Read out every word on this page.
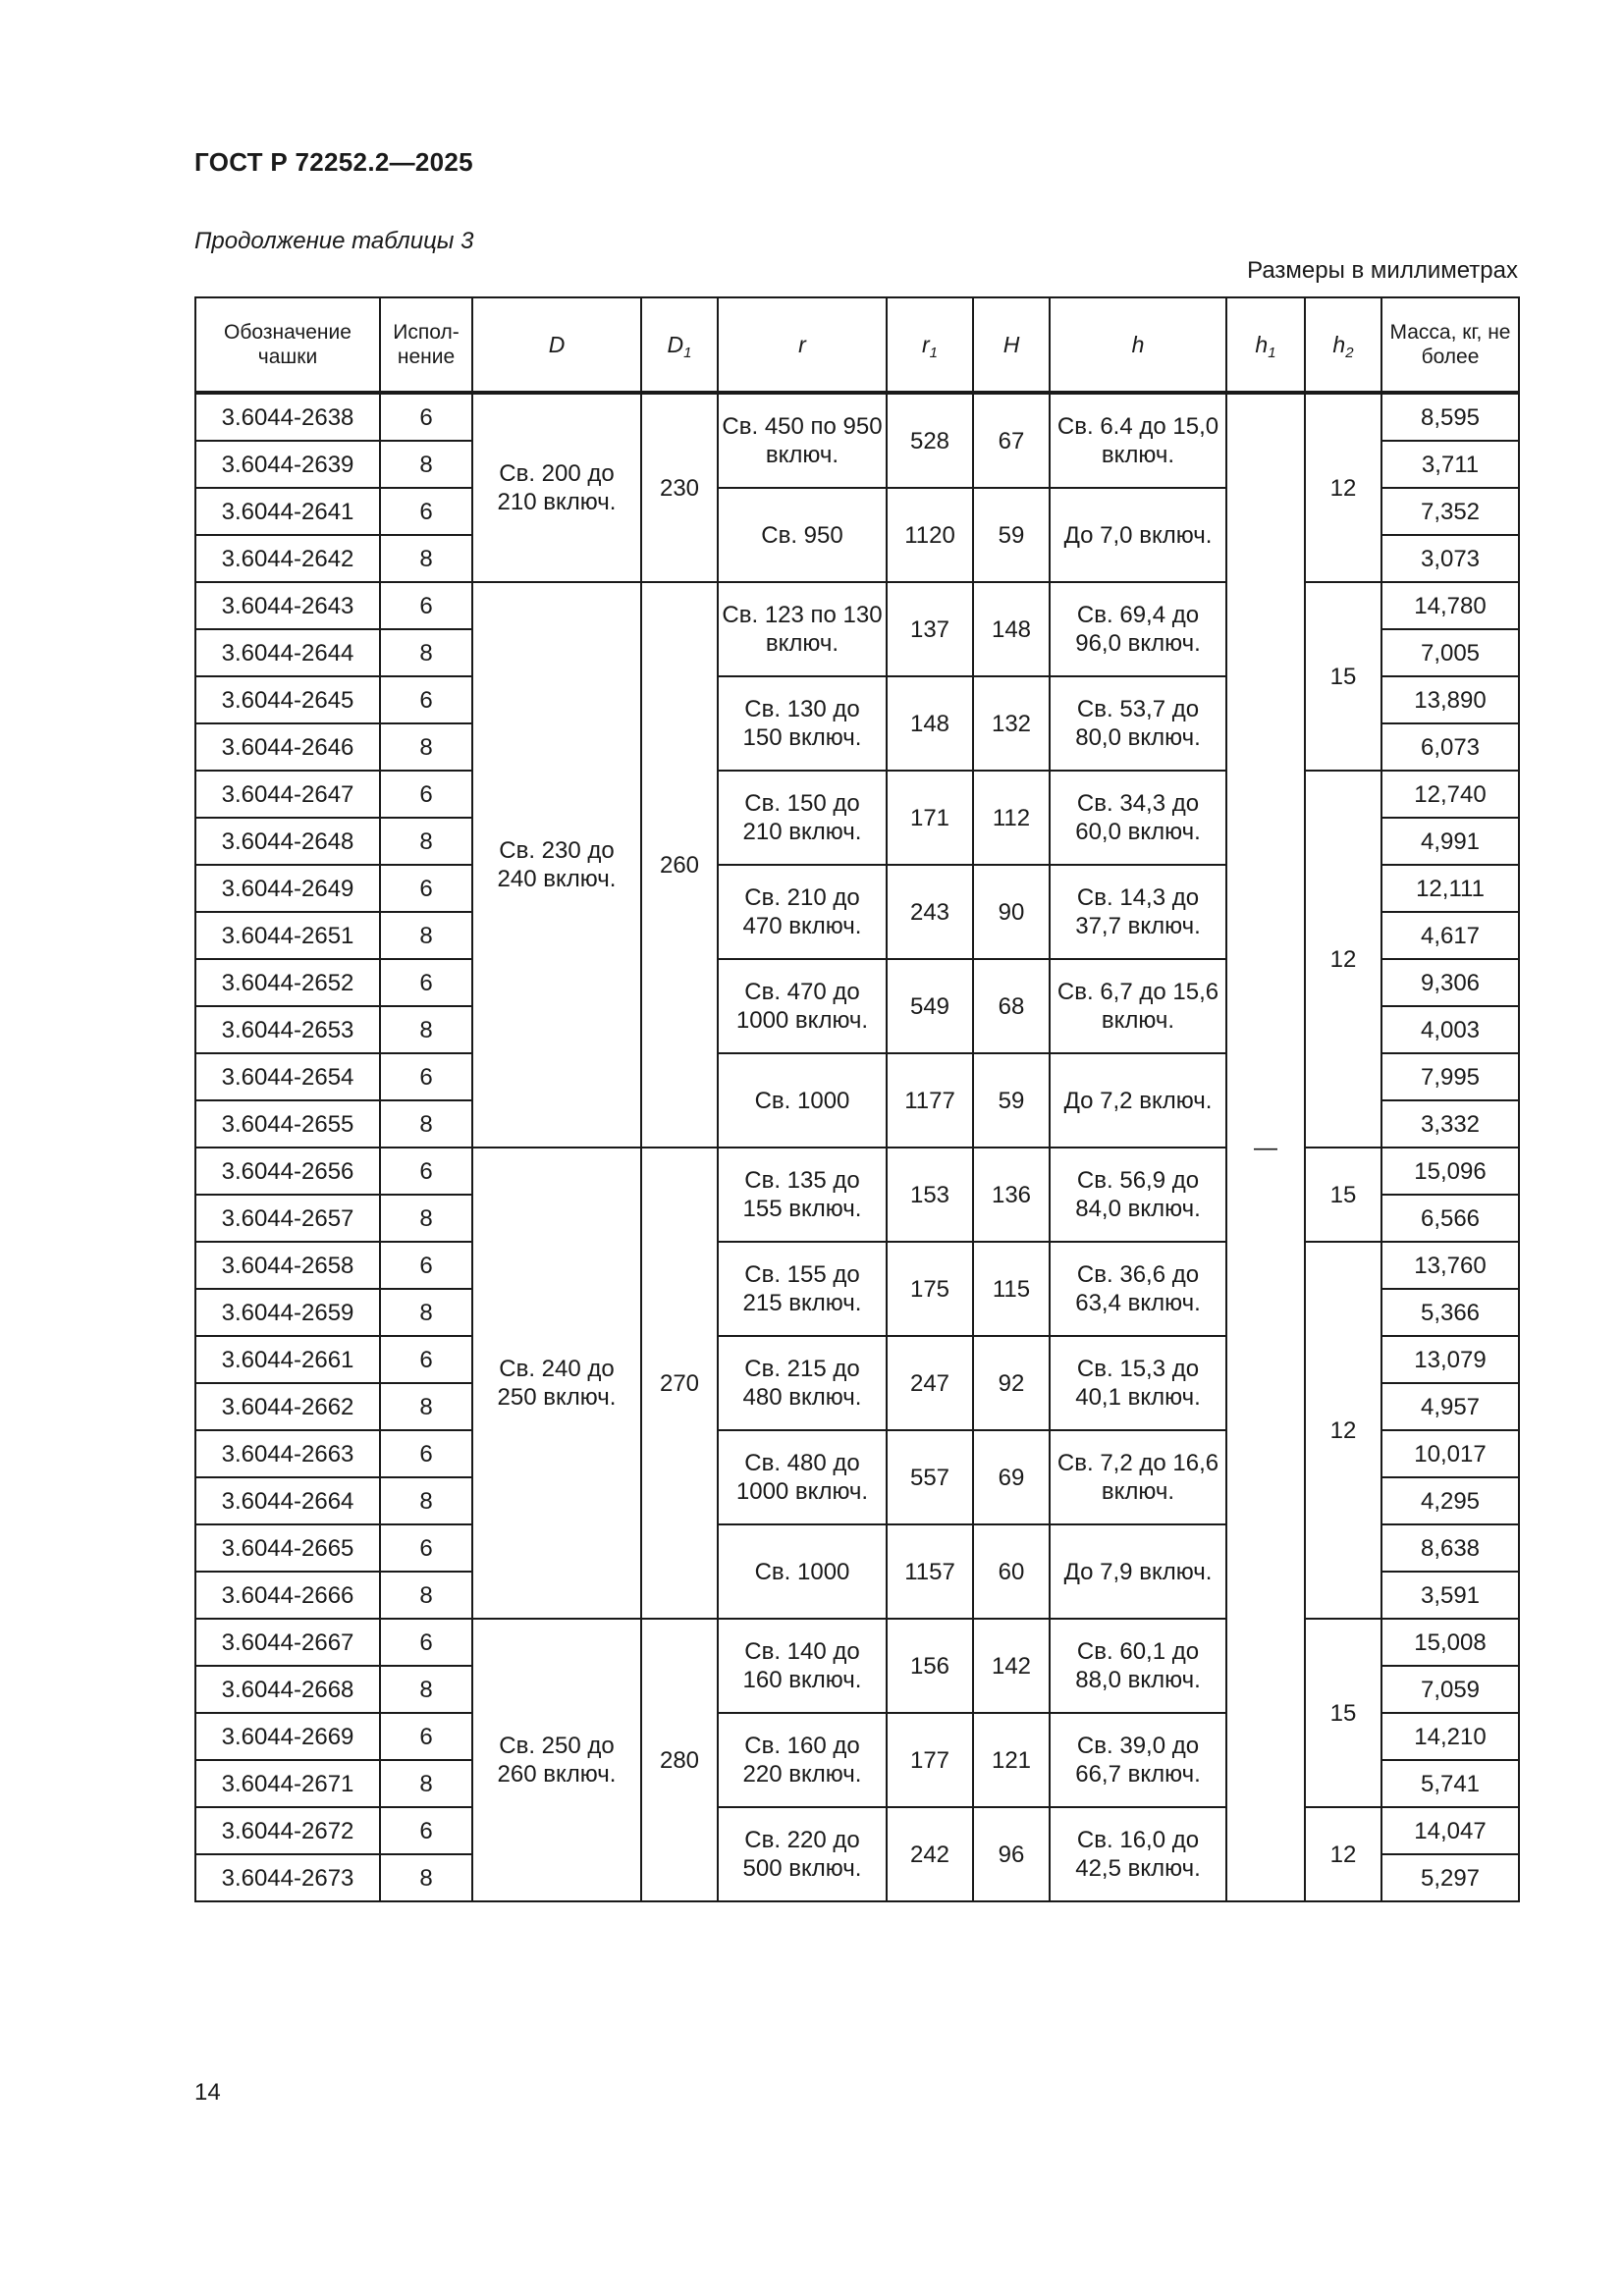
ГОСТ Р 72252.2—2025
Продолжение таблицы 3
Размеры в миллиметрах
Обозначение чашки	Испол-нение	D	$D_1$	r	$r_1$	H	h	$h_1$	$h_2$	Масса, кг, не более
3.6044-2638	6	Св. 200 до 210 включ.	230	Св. 450 по 950 включ.	528	67	Св. 6.4 до 15,0 включ.	—	12	8,595
3.6044-2639	8									3,711
3.6044-2641	6			Св. 950	1120	59	До 7,0 включ.			7,352
3.6044-2642	8									3,073
3.6044-2643	6	Св. 230 до 240 включ.	260	Св. 123 по 130 включ.	137	148	Св. 69,4 до 96,0 включ.		15	14,780
3.6044-2644	8									7,005
3.6044-2645	6			Св. 130 до 150 включ.	148	132	Св. 53,7 до 80,0 включ.			13,890
3.6044-2646	8									6,073
3.6044-2647	6			Св. 150 до 210 включ.	171	112	Св. 34,3 до 60,0 включ.		12	12,740
3.6044-2648	8									4,991
3.6044-2649	6			Св. 210 до 470 включ.	243	90	Св. 14,3 до 37,7 включ.			12,111
3.6044-2651	8									4,617
3.6044-2652	6			Св. 470 до 1000 включ.	549	68	Св. 6,7 до 15,6 включ.			9,306
3.6044-2653	8									4,003
3.6044-2654	6			Св. 1000	1177	59	До 7,2 включ.			7,995
3.6044-2655	8									3,332
3.6044-2656	6	Св. 240 до 250 включ.	270	Св. 135 до 155 включ.	153	136	Св. 56,9 до 84,0 включ.		15	15,096
3.6044-2657	8									6,566
3.6044-2658	6			Св. 155 до 215 включ.	175	115	Св. 36,6 до 63,4 включ.		12	13,760
3.6044-2659	8									5,366
3.6044-2661	6			Св. 215 до 480 включ.	247	92	Св. 15,3 до 40,1 включ.			13,079
3.6044-2662	8									4,957
3.6044-2663	6			Св. 480 до 1000 включ.	557	69	Св. 7,2 до 16,6 включ.			10,017
3.6044-2664	8									4,295
3.6044-2665	6			Св. 1000	1157	60	До 7,9 включ.			8,638
3.6044-2666	8									3,591
3.6044-2667	6	Св. 250 до 260 включ.	280	Св. 140 до 160 включ.	156	142	Св. 60,1 до 88,0 включ.		15	15,008
3.6044-2668	8									7,059
3.6044-2669	6			Св. 160 до 220 включ.	177	121	Св. 39,0 до 66,7 включ.			14,210
3.6044-2671	8									5,741
3.6044-2672	6			Св. 220 до 500 включ.	242	96	Св. 16,0 до 42,5 включ.		12	14,047
3.6044-2673	8									5,297
14
